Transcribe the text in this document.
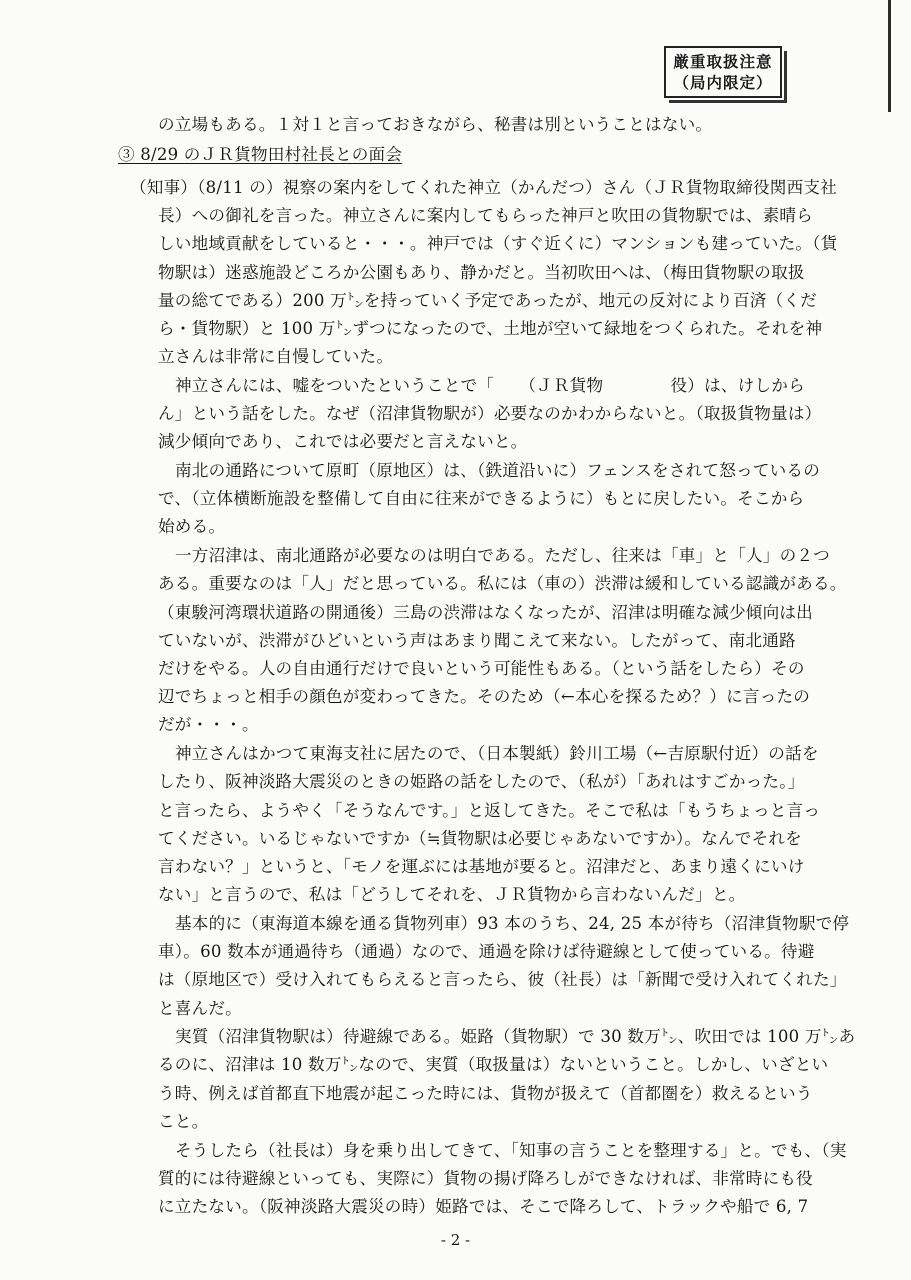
厳重取扱注意
（局内限定）
の立場もある。１対１と言っておきながら、秘書は別ということはない。
③ 8/29 のＪＲ貨物田村社長との面会
（知事）（8/11 の）視察の案内をしてくれた神立（かんだつ）さん（ＪＲ貨物取締役関西支社
長）への御礼を言った。神立さんに案内してもらった神戸と吹田の貨物駅では、素晴ら
しい地域貢献をしていると・・・。神戸では（すぐ近くに）マンションも建っていた。（貨
物駅は）迷惑施設どころか公園もあり、静かだと。当初吹田へは、（梅田貨物駅の取扱
量の総てである）200 万㌧を持っていく予定であったが、地元の反対により百済（くだ
ら・貨物駅）と 100 万㌧ずつになったので、土地が空いて緑地をつくられた。それを神
立さんは非常に自慢していた。
神立さんには、嘘をついたということで「　　（ＪＲ貨物　　　　役）は、けしから
ん」という話をした。なぜ（沼津貨物駅が）必要なのかわからないと。（取扱貨物量は）
減少傾向であり、これでは必要だと言えないと。
南北の通路について原町（原地区）は、（鉄道沿いに）フェンスをされて怒っているの
で、（立体横断施設を整備して自由に往来ができるように）もとに戻したい。そこから
始める。
一方沼津は、南北通路が必要なのは明白である。ただし、往来は「車」と「人」の２つ
ある。重要なのは「人」だと思っている。私には（車の）渋滞は緩和している認識がある。
（東駿河湾環状道路の開通後）三島の渋滞はなくなったが、沼津は明確な減少傾向は出
ていないが、渋滞がひどいという声はあまり聞こえて来ない。したがって、南北通路
だけをやる。人の自由通行だけで良いという可能性もある。（という話をしたら）その
辺でちょっと相手の顔色が変わってきた。そのため（←本心を探るため？）に言ったの
だが・・・。
神立さんはかつて東海支社に居たので、（日本製紙）鈴川工場（←吉原駅付近）の話を
したり、阪神淡路大震災のときの姫路の話をしたので、（私が）「あれはすごかった。」
と言ったら、ようやく「そうなんです。」と返してきた。そこで私は「もうちょっと言っ
てください。いるじゃないですか（≒貨物駅は必要じゃあないですか）。なんでそれを
言わない？」というと、「モノを運ぶには基地が要ると。沼津だと、あまり遠くにいけ
ない」と言うので、私は「どうしてそれを、ＪＲ貨物から言わないんだ」と。
基本的に（東海道本線を通る貨物列車）93 本のうち、24, 25 本が待ち（沼津貨物駅で停
車）。60 数本が通過待ち（通過）なので、通過を除けば待避線として使っている。待避
は（原地区で）受け入れてもらえると言ったら、彼（社長）は「新聞で受け入れてくれた」
と喜んだ。
実質（沼津貨物駅は）待避線である。姫路（貨物駅）で 30 数万㌧、吹田では 100 万㌧あ
るのに、沼津は 10 数万㌧なので、実質（取扱量は）ないということ。しかし、いざとい
う時、例えば首都直下地震が起こった時には、貨物が扱えて（首都圏を）救えるという
こと。
そうしたら（社長は）身を乗り出してきて、「知事の言うことを整理する」と。でも、（実
質的には待避線といっても、実際に）貨物の揚げ降ろしができなければ、非常時にも役
に立たない。（阪神淡路大震災の時）姫路では、そこで降ろして、トラックや船で 6, 7
- 2 -
